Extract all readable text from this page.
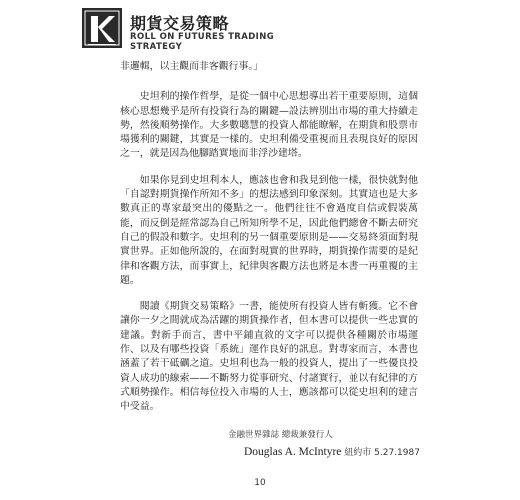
期貨交易策略
ROLL ON FUTURES TRADING STRATEGY

非邏輯，以主觀而非客觀行事。」

史坦利的操作哲學，是從一個中心思想導出若干重要原則，這個核心思想幾乎是所有投資行為的關鍵—設法辨別出市場的重大持續走勢，然後順勢操作。大多數聰慧的投資人都能瞭解，在期貨和股票市場獲利的關鍵，其實是一樣的。史坦利備受重視而且表現良好的原因之一，就是因為他腳踏實地而非浮沙建塔。

如果你見到史坦利本人，應該也會和我見到他一樣，很快就對他「自認對期貨操作所知不多」的想法感到印象深刻。其實這也是大多數真正的專家最突出的優點之一。他們往往不會過度自信或假裝萬能，而反倒是經常認為自己所知所學不足，因此他們總會不斷去研究自己的假設和數字。史坦利的另一個重要原則是——交易終須面對現實世界。正如他所說的，在面對現實的世界時，期貨操作需要的是紀律和客觀方法，而事實上，紀律與客觀方法也將是本書一再重覆的主題。

閱讀《期貨交易策略》一書，能使所有投資人皆有斬獲。它不會讓你一夕之間就成為活躍的期貨操作者，但本書可以提供一些忠實的建議。對新手而言，書中平鋪直敘的文字可以提供各種關於市場運作、以及有哪些投資「系統」運作良好的訊息。對專家而言，本書也涵蓋了若干砥礪之道。史坦利也為一般的投資人，提出了一些優良投資人成功的線索——不斷努力從事研究、付諸實行，並以有紀律的方式順勢操作。相信每位投入市場的人士，應該都可以從史坦利的建言中受益。

金融世界雜誌 總裁兼發行人
Douglas A. McIntyre 紐約市 5.27.1987
10
